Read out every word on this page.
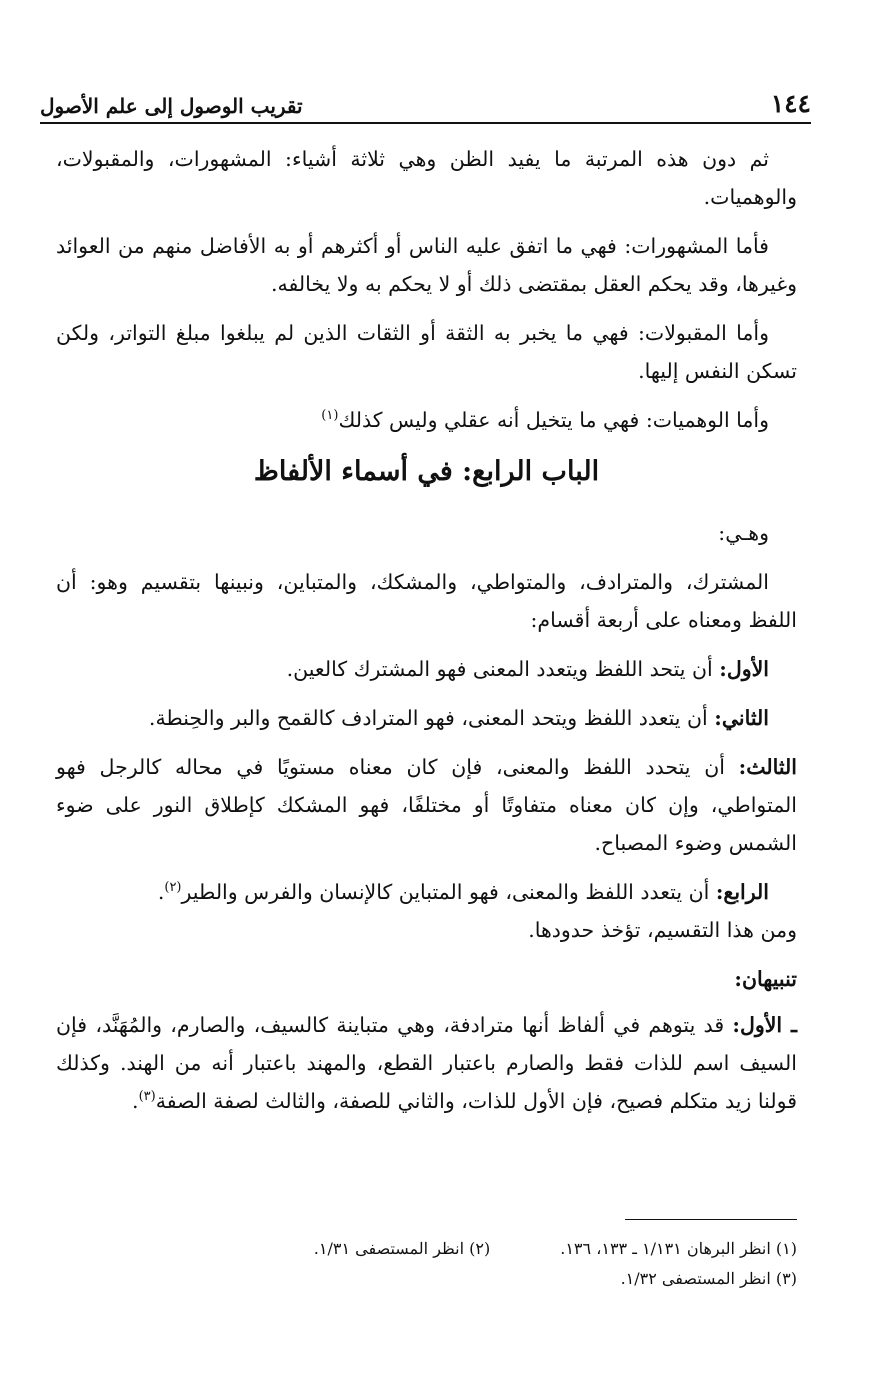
١٤٤
تقريب الوصول إلى علم الأصول

ثم دون هذه المرتبة ما يفيد الظن وهي ثلاثة أشياء: المشهورات، والمقبولات، والوهميات.

فأما المشهورات: فهي ما اتفق عليه الناس أو أكثرهم أو به الأفاضل منهم من العوائد وغيرها، وقد يحكم العقل بمقتضى ذلك أو لا يحكم به ولا يخالفه.

وأما المقبولات: فهي ما يخبر به الثقة أو الثقات الذين لم يبلغوا مبلغ التواتر، ولكن تسكن النفس إليها.

وأما الوهميات: فهي ما يتخيل أنه عقلي وليس كذلك$^{(١)}$

الباب الرابع: في أسماء الألفاظ

وهـي:

المشترك، والمترادف، والمتواطي، والمشكك، والمتباين، ونبينها بتقسيم وهو: أن اللفظ ومعناه على أربعة أقسام:

الأول: أن يتحد اللفظ ويتعدد المعنى فهو المشترك كالعين.

الثاني: أن يتعدد اللفظ ويتحد المعنى، فهو المترادف كالقمح والبر والحِنطة.

الثالث: أن يتحدد اللفظ والمعنى، فإن كان معناه مستويًا في محاله كالرجل فهو المتواطي، وإن كان معناه متفاوتًا أو مختلفًا، فهو المشكك كإطلاق النور على ضوء الشمس وضوء المصباح.

الرابع: أن يتعدد اللفظ والمعنى، فهو المتباين كالإنسان والفرس والطير$^{(٢)}$.
ومن هذا التقسيم، تؤخذ حدودها.

تنبيهان:

ـ الأول: قد يتوهم في ألفاظ أنها مترادفة، وهي متباينة كالسيف، والصارم، والمُهَنَّد، فإن السيف اسم للذات فقط والصارم باعتبار القطع، والمهند باعتبار أنه من الهند. وكذلك قولنا زيد متكلم فصيح، فإن الأول للذات، والثاني للصفة، والثالث لصفة الصفة$^{(٣)}$.

(١) انظر البرهان ١/١٣١ ـ ١٣٣، ١٣٦.
(٢) انظر المستصفى ١/٣١.
(٣) انظر المستصفى ١/٣٢.
